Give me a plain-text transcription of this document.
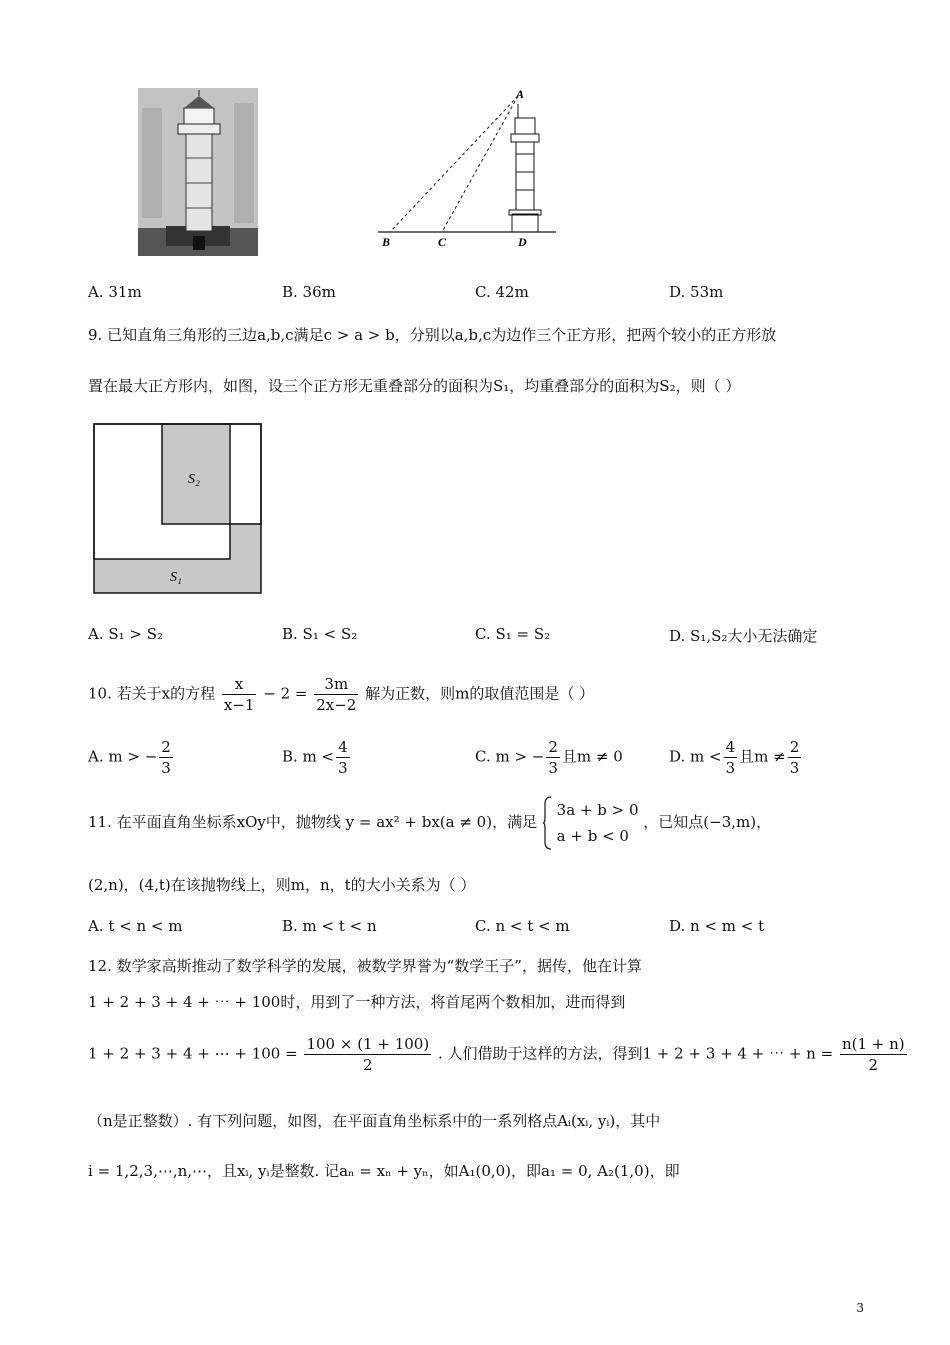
A
B	C	D
A. 31m	B. 36m	C. 42m	D. 53m
9. 已知直角三角形的三边a,b,c满足c > a > b，分别以a,b,c为边作三个正方形，把两个较小的正方形放
置在最大正方形内，如图，设三个正方形无重叠部分的面积为S₁，均重叠部分的面积为S₂，则（ ）
S₂
S₁
A. S₁ > S₂	B. S₁ < S₂	C. S₁ = S₂	D. S₁,S₂大小无法确定
10. 若关于x的方程 $\frac{x}{x-1} - 2 = \frac{3m}{2x-2}$ 解为正数，则m的取值范围是（ ）
A. m > − $\frac{2}{3}$	B. $m < \frac{4}{3}$	C. m > − $\frac{2}{3}$ 且m ≠ 0	D. $m < \frac{4}{3}$ 且$m \ne \frac{2}{3}$
11. 在平面直角坐标系xOy中，抛物线 y = ax² + bx(a ≠ 0)，满足
3a + b > 0
a + b < 0
，已知点(−3,m)，
(2,n)，(4,t)在该抛物线上，则m，n，t的大小关系为（ ）
A. t < n < m	B. m < t < n	C. n < t < m	D. n < m < t
12. 数学家高斯推动了数学科学的发展，被数学界誉为“数学王子”，据传，他在计算
1 + 2 + 3 + 4 + ⋯ + 100时，用到了一种方法，将首尾两个数相加，进而得到
1 + 2 + 3 + 4 + ⋯ + $100 = \frac{100 \times (1 + 100)}{2}$ . 人们借助于这样的方法，得到1 + 2 + 3 + 4 + ⋯ + $n = \frac{n(1 + n)}{2}$
（n是正整数）. 有下列问题，如图，在平面直角坐标系中的一系列格点Aᵢ(xᵢ, yᵢ)，其中
i = 1,2,3,⋯,n,⋯，且xᵢ, yᵢ是整数. 记aₙ = xₙ + yₙ，如A₁(0,0)，即a₁ = 0, A₂(1,0)，即
3
